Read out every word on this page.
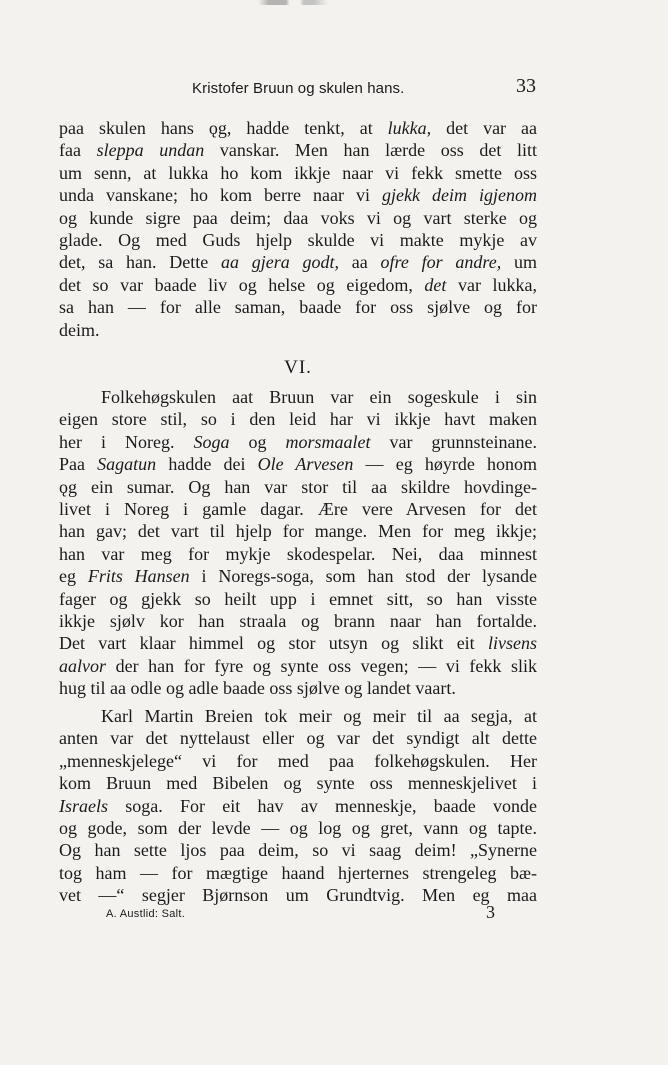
Kristofer Bruun og skulen hans.	33
paa skulen hans ǫg, hadde tenkt, at lukka, det var aa
faa sleppa undan vanskar. Men han lærde oss det litt
um senn, at lukka ho kom ikkje naar vi fekk smette oss
unda vanskane; ho kom berre naar vi gjekk deim igjenom
og kunde sigre paa deim; daa voks vi og vart sterke og
glade. Og med Guds hjelp skulde vi makte mykje av
det, sa han. Dette aa gjera godt, aa ofre for andre, um
det so var baade liv og helse og eigedom, det var lukka,
sa han — for alle saman, baade for oss sjølve og for
deim.
VI.
Folkehøgskulen aat Bruun var ein sogeskule i sin
eigen store stil, so i den leid har vi ikkje havt maken
her i Noreg. Soga og morsmaalet var grunnsteinane.
Paa Sagatun hadde dei Ole Arvesen — eg høyrde honom
ǫg ein sumar. Og han var stor til aa skildre hovdinge-
livet i Noreg i gamle dagar. Ære vere Arvesen for det
han gav; det vart til hjelp for mange. Men for meg ikkje;
han var meg for mykje skodespelar. Nei, daa minnest
eg Frits Hansen i Noregs-soga, som han stod der lysande
fager og gjekk so heilt upp i emnet sitt, so han visste
ikkje sjølv kor han straala og brann naar han fortalde.
Det vart klaar himmel og stor utsyn og slikt eit livsens
aalvor der han for fyre og synte oss vegen; — vi fekk slik
hug til aa odle og adle baade oss sjølve og landet vaart.
Karl Martin Breien tok meir og meir til aa segja, at
anten var det nyttelaust eller og var det syndigt alt dette
„menneskjelege“ vi for med paa folkehøgskulen. Her
kom Bruun med Bibelen og synte oss menneskjelivet i
Israels soga. For eit hav av menneskje, baade vonde
og gode, som der levde — og log og gret, vann og tapte.
Og han sette ljos paa deim, so vi saag deim! „Synerne
tog ham — for mægtige haand hjerternes strengeleg bæ-
vet —“ segjer Bjørnson um Grundtvig. Men eg maa
A. Austlid: Salt.	3
